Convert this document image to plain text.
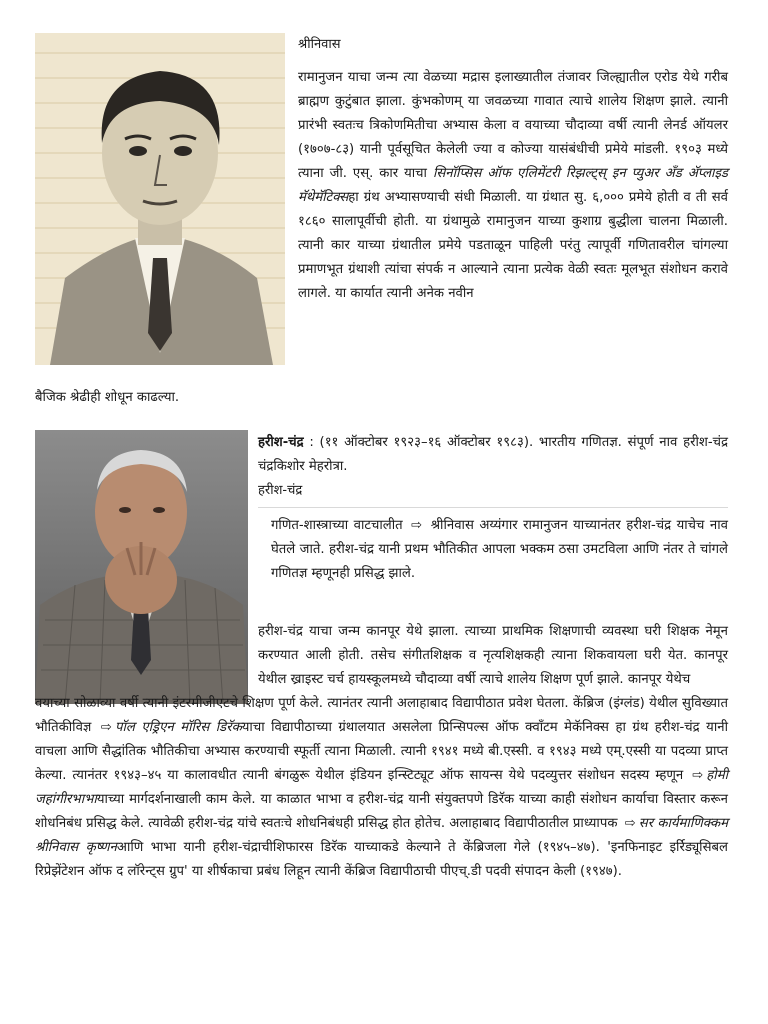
श्रीनिवास
रामानुजन याचा जन्म त्या वेळच्या मद्रास इलाख्यातील तंजावर जिल्ह्यातील एरोड येथे गरीब ब्राह्मण कुटुंबात झाला. कुंभकोणम् या जवळच्या गावात त्याचे शालेय शिक्षण झाले. त्यानी प्रारंभी स्वतःच त्रिकोणमितीचा अभ्यास केला व वयाच्या चौदाव्या वर्षी त्यानी लेनर्ड ऑयलर (१७०७-८३) यानी पूर्वसूचित केलेली ज्या व कोज्या यासंबंधीची प्रमेये मांडली. १९०३ मध्ये त्याना जी. एस्. कार याचा सिनॉप्सिस ऑफ एलिमेंटरी रिझल्ट्स् इन प्युअर ॲंड ॲप्लाइड मॅथेमॅटिक्सहा ग्रंथ अभ्यासण्याची संधी मिळाली. या ग्रंथात सु. ६,००० प्रमेये होती व ती सर्व १८६० सालापूर्वीची होती. या ग्रंथामुळे रामानुजन याच्या कुशाग्र बुद्धीला चालना मिळाली. त्यानी कार याच्या ग्रंथातील प्रमेये पडताळून पाहिली परंतु त्यापूर्वी गणितावरील चांगल्या प्रमाणभूत ग्रंथाशी त्यांचा संपर्क न आल्याने त्याना प्रत्येक वेळी स्वतः मूलभूत संशोधन करावे लागले. या कार्यात त्यानी अनेक नवीन
बैजिक श्रेढीही शोधून काढल्या.
हरीश-चंद्र : (११ ऑक्टोबर १९२३–१६ ऑक्टोबर १९८३). भारतीय गणितज्ञ. संपूर्ण नाव हरीश-चंद्र चंद्रकिशोर मेहरोत्रा.
हरीश-चंद्र
गणित-शास्त्राच्या वाटचालीत ⇨ श्रीनिवास अय्यंगार रामानुजन याच्यानंतर हरीश-चंद्र याचेच नाव घेतले जाते. हरीश-चंद्र यानी प्रथम भौतिकीत आपला भक्कम ठसा उमटविला आणि नंतर ते चांगले गणितज्ञ म्हणूनही प्रसिद्ध झाले.
हरीश-चंद्र याचा जन्म कानपूर येथे झाला. त्याच्या प्राथमिक शिक्षणाची व्यवस्था घरी शिक्षक नेमून करण्यात आली होती. तसेच संगीतशिक्षक व नृत्यशिक्षकही त्याना शिकवायला घरी येत. कानपूर येथील ख्राइस्ट चर्च हायस्कूलमध्ये चौदाव्या वर्षी त्याचे शालेय शिक्षण पूर्ण झाले. कानपूर येथेच
वयाच्या सोळाव्या वर्षी त्यानी इंटरमीजीएटचे शिक्षण पूर्ण केले. त्यानंतर त्यानी अलाहाबाद विद्यापीठात प्रवेश घेतला. केंब्रिज (इंग्लंड) येथील सुविख्यात भौतिकीविज्ञ ⇨ पॉल एड्रिएन मॉरिस डिरॅकयाचा विद्यापीठाच्या ग्रंथालयात असलेला प्रिन्सिपल्स ऑफ क्वॉंटम मेकॅनिक्स हा ग्रंथ हरीश-चंद्र यानी वाचला आणि सैद्धांतिक भौतिकीचा अभ्यास करण्याची स्फूर्ती त्याना मिळाली. त्यानी १९४१ मध्ये बी.एस्सी. व १९४३ मध्ये एम्.एस्सी या पदव्या प्राप्त केल्या. त्यानंतर १९४३–४५ या कालावधीत त्यानी बंगळुरू येथील इंडियन इन्स्टिट्यूट ऑफ सायन्स येथे पदव्युत्तर संशोधन सदस्य म्हणून ⇨ होमी जहांगीरभाभायाच्या मार्गदर्शनाखाली काम केले. या काळात भाभा व हरीश-चंद्र यानी संयुक्तपणे डिरॅक याच्या काही संशोधन कार्याचा विस्तार करून शोधनिबंध प्रसिद्ध केले. त्यावेळी हरीश-चंद्र यांचे स्वतःचे शोधनिबंधही प्रसिद्ध होत होतेच. अलाहाबाद विद्यापीठातील प्राध्यापक ⇨ सर कार्यमाणिक्कम श्रीनिवास कृष्णनआणि भाभा यानी हरीश-चंद्राचीशिफारस डिरॅक याच्याकडे केल्याने ते केंब्रिजला गेले (१९४५–४७). 'इनफिनाइट इर्रिड्यूसिबल रिप्रेझेंटेशन ऑफ द लॉरेन्ट्स ग्रुप' या शीर्षकाचा प्रबंध लिहून त्यानी केंब्रिज विद्यापीठाची पीएच्.डी पदवी संपादन केली (१९४७).
